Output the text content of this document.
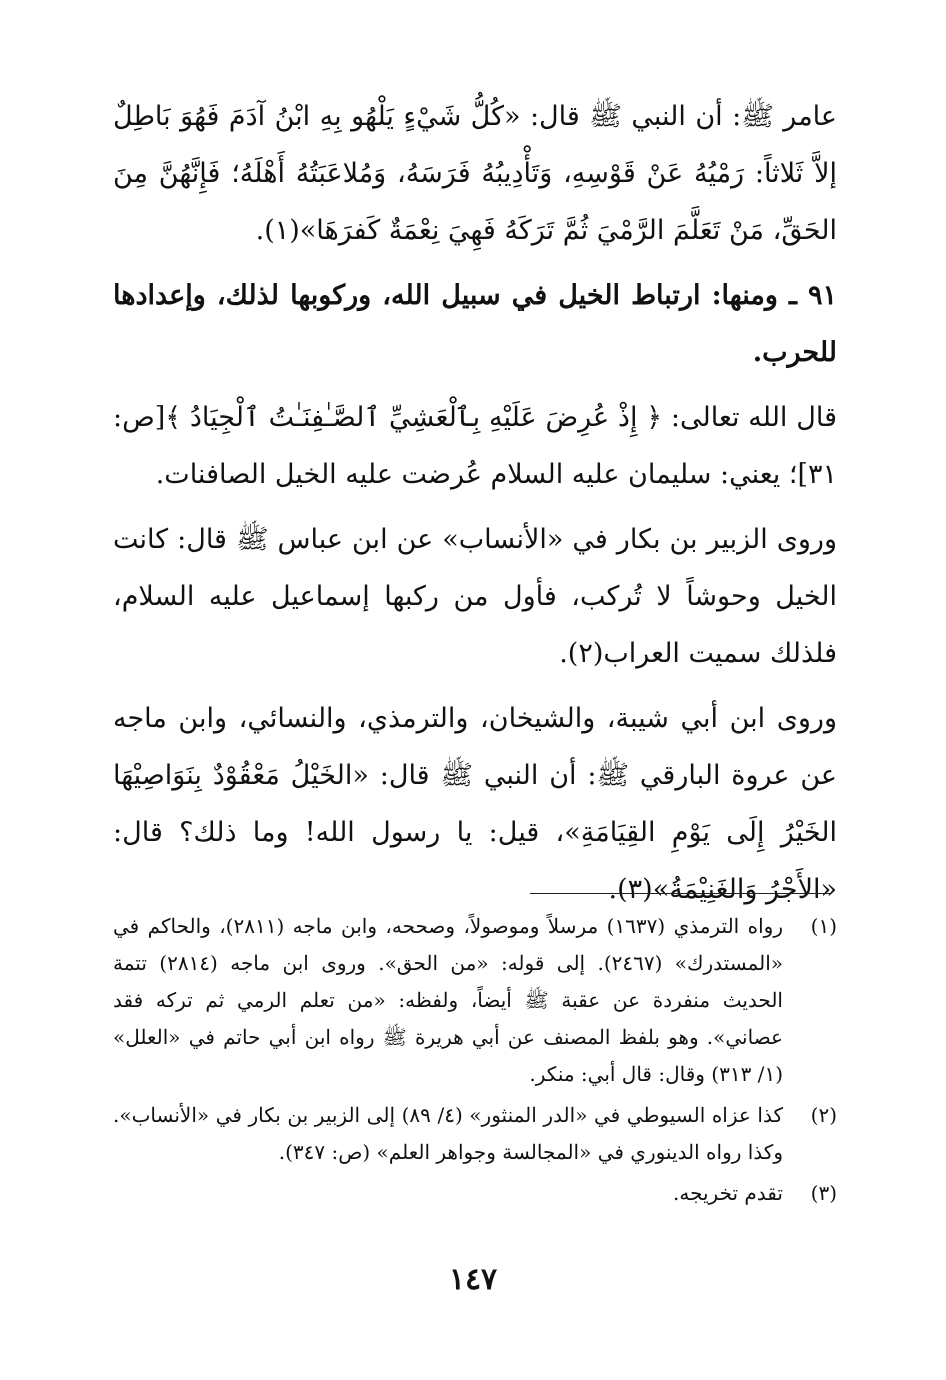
عامر ﷺ: أن النبي ﷺ قال: «كُلُّ شَيْءٍ يَلْهُو بِهِ ابْنُ آدَمَ فَهُوَ بَاطِلٌ إلاَّ ثَلاثاً: رَمْيُهُ عَنْ قَوْسِهِ، وَتَأْدِيبُهُ فَرَسَهُ، وَمُلاعَبَتُهُ أَهْلَهُ؛ فَإِنَّهُنَّ مِنَ الحَقِّ، مَنْ تَعَلَّمَ الرَّمْيَ ثُمَّ تَرَكَهُ فَهِيَ نِعْمَةٌ كَفرَهَا»(١).

٩١ ـ ومنها: ارتباط الخيل في سبيل الله، وركوبها لذلك، وإعدادها للحرب.

قال الله تعالى: ﴿ إِذْ عُرِضَ عَلَيْهِ بِٱلْعَشِيِّ ٱلصَّـٰفِنَـٰتُ ٱلْجِيَادُ ﴾[ص: ٣١]؛ يعني: سليمان عليه السلام عُرضت عليه الخيل الصافنات.

وروى الزبير بن بكار في «الأنساب» عن ابن عباس ﷺ قال: كانت الخيل وحوشاً لا تُركب، فأول من ركبها إسماعيل عليه السلام، فلذلك سميت العراب(٢).

وروى ابن أبي شيبة، والشيخان، والترمذي، والنسائي، وابن ماجه عن عروة البارقي ﷺ: أن النبي ﷺ قال: «الخَيْلُ مَعْقُوْدٌ بِنَوَاصِيْهَا الخَيْرُ إِلَى يَوْمِ القِيَامَةِ»، قيل: يا رسول الله! وما ذلك؟ قال: «الأَجْرُ وَالغَنِيْمَةُ»(٣).

(١)
رواه الترمذي (١٦٣٧) مرسلاً وموصولاً، وصححه، وابن ماجه (٢٨١١)، والحاكم في «المستدرك» (٢٤٦٧). إلى قوله: «من الحق». وروى ابن ماجه (٢٨١٤) تتمة الحديث منفردة عن عقبة ﷺ أيضاً، ولفظه: «من تعلم الرمي ثم تركه فقد عصاني». وهو بلفظ المصنف عن أبي هريرة ﷺ رواه ابن أبي حاتم في «العلل» (١/ ٣١٣) وقال: قال أبي: منكر.
(٢)
كذا عزاه السيوطي في «الدر المنثور» (٤/ ٨٩) إلى الزبير بن بكار في «الأنساب». وكذا رواه الدينوري في «المجالسة وجواهر العلم» (ص: ٣٤٧).
(٣)
تقدم تخريجه.
١٤٧
